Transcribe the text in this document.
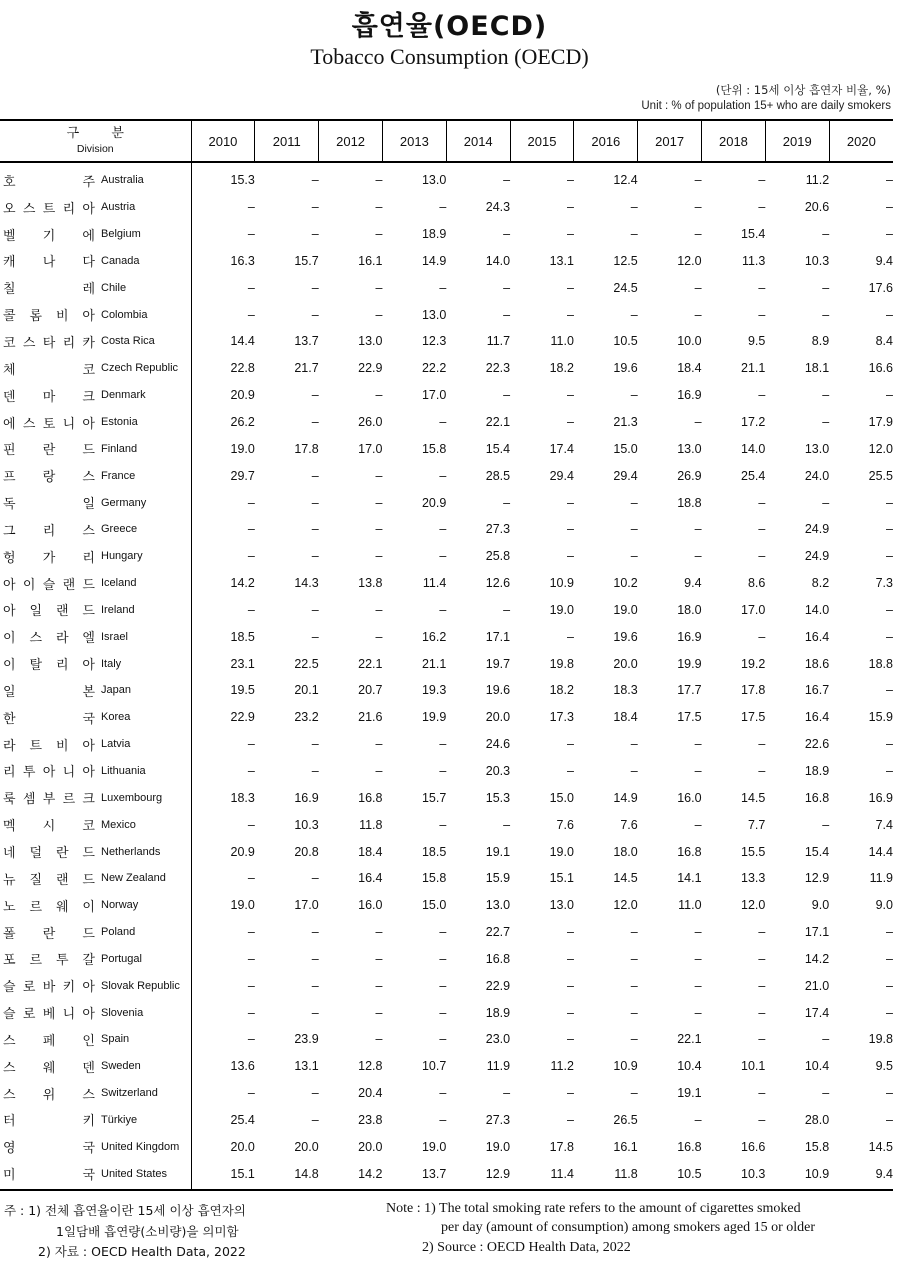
흡연율(OECD)
Tobacco Consumption (OECD)
(단위 : 15세 이상 흡연자 비율, %)
Unit : % of population 15+ who are daily smokers
구 분
Division	2010	2011	2012	2013	2014	2015	2016	2017	2018	2019	2020
호 주 Australia	15.3	–	–	13.0	–	–	12.4	–	–	11.2	–
오 스 트 리 아 Austria	–	–	–	–	24.3	–	–	–	–	20.6	–
벨 기 에 Belgium	–	–	–	18.9	–	–	–	–	15.4	–	–
캐 나 다 Canada	16.3	15.7	16.1	14.9	14.0	13.1	12.5	12.0	11.3	10.3	9.4
칠 레 Chile	–	–	–	–	–	–	24.5	–	–	–	17.6
콜 롬 비 아 Colombia	–	–	–	13.0	–	–	–	–	–	–	–
코 스 타 리 카 Costa Rica	14.4	13.7	13.0	12.3	11.7	11.0	10.5	10.0	9.5	8.9	8.4
체 코 Czech Republic	22.8	21.7	22.9	22.2	22.3	18.2	19.6	18.4	21.1	18.1	16.6
덴 마 크 Denmark	20.9	–	–	17.0	–	–	–	16.9	–	–	–
에 스 토 니 아 Estonia	26.2	–	26.0	–	22.1	–	21.3	–	17.2	–	17.9
핀 란 드 Finland	19.0	17.8	17.0	15.8	15.4	17.4	15.0	13.0	14.0	13.0	12.0
프 랑 스 France	29.7	–	–	–	28.5	29.4	29.4	26.9	25.4	24.0	25.5
독 일 Germany	–	–	–	20.9	–	–	–	18.8	–	–	–
그 리 스 Greece	–	–	–	–	27.3	–	–	–	–	24.9	–
헝 가 리 Hungary	–	–	–	–	25.8	–	–	–	–	24.9	–
아 이 슬 랜 드 Iceland	14.2	14.3	13.8	11.4	12.6	10.9	10.2	9.4	8.6	8.2	7.3
아 일 랜 드 Ireland	–	–	–	–	–	19.0	19.0	18.0	17.0	14.0	–
이 스 라 엘 Israel	18.5	–	–	16.2	17.1	–	19.6	16.9	–	16.4	–
이 탈 리 아 Italy	23.1	22.5	22.1	21.1	19.7	19.8	20.0	19.9	19.2	18.6	18.8
일 본 Japan	19.5	20.1	20.7	19.3	19.6	18.2	18.3	17.7	17.8	16.7	–
한 국 Korea	22.9	23.2	21.6	19.9	20.0	17.3	18.4	17.5	17.5	16.4	15.9
라 트 비 아 Latvia	–	–	–	–	24.6	–	–	–	–	22.6	–
리 투 아 니 아 Lithuania	–	–	–	–	20.3	–	–	–	–	18.9	–
룩 셈 부 르 크 Luxembourg	18.3	16.9	16.8	15.7	15.3	15.0	14.9	16.0	14.5	16.8	16.9
멕 시 코 Mexico	–	10.3	11.8	–	–	7.6	7.6	–	7.7	–	7.4
네 덜 란 드 Netherlands	20.9	20.8	18.4	18.5	19.1	19.0	18.0	16.8	15.5	15.4	14.4
뉴 질 랜 드 New Zealand	–	–	16.4	15.8	15.9	15.1	14.5	14.1	13.3	12.9	11.9
노 르 웨 이 Norway	19.0	17.0	16.0	15.0	13.0	13.0	12.0	11.0	12.0	9.0	9.0
폴 란 드 Poland	–	–	–	–	22.7	–	–	–	–	17.1	–
포 르 투 갈 Portugal	–	–	–	–	16.8	–	–	–	–	14.2	–
슬 로 바 키 아 Slovak Republic	–	–	–	–	22.9	–	–	–	–	21.0	–
슬 로 베 니 아 Slovenia	–	–	–	–	18.9	–	–	–	–	17.4	–
스 페 인 Spain	–	23.9	–	–	23.0	–	–	22.1	–	–	19.8
스 웨 덴 Sweden	13.6	13.1	12.8	10.7	11.9	11.2	10.9	10.4	10.1	10.4	9.5
스 위 스 Switzerland	–	–	20.4	–	–	–	–	19.1	–	–	–
터 키 Türkiye	25.4	–	23.8	–	27.3	–	26.5	–	–	28.0	–
영 국 United Kingdom	20.0	20.0	20.0	19.0	19.0	17.8	16.1	16.8	16.6	15.8	14.5
미 국 United States	15.1	14.8	14.2	13.7	12.9	11.4	11.8	10.5	10.3	10.9	9.4
주 : 1) 전체 흡연율이란 15세 이상 흡연자의
1일담배 흡연량(소비량)을 의미함
2) 자료 : OECD Health Data, 2022
Note : 1) The total smoking rate refers to the amount of cigarettes smoked
per day (amount of consumption) among smokers aged 15 or older
2) Source : OECD Health Data, 2022
